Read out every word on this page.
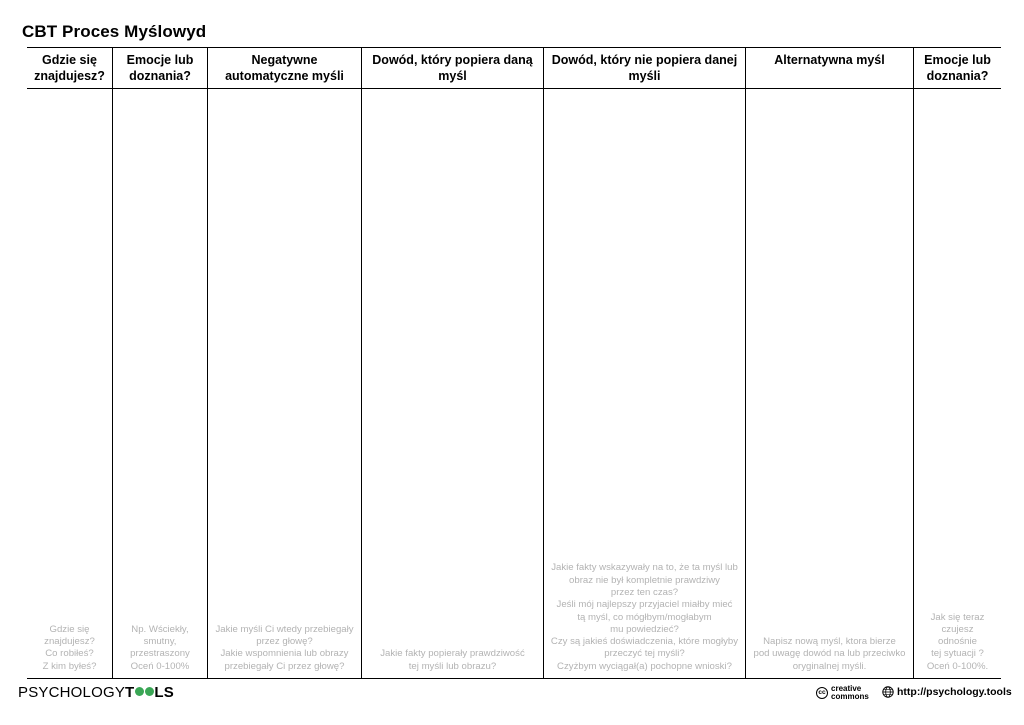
CBT Proces Myślowyd
Gdzie się znajdujesz?
Gdzie się znajdujesz?
Co robiłeś?
Z kim byłeś?
Emocje lub doznania?
Np. Wściekły,
smutny,
przestraszony
Oceń 0-100%
Negatywne automatyczne myśli
Jakie myśli Ci wtedy przebiegały
przez głowę?
Jakie wspomnienia lub obrazy
przebiegały Ci przez głowę?
Dowód, który popiera daną myśl
Jakie fakty popierały prawdziwość
tej myśli lub obrazu?
Dowód, który nie popiera danej myśli
Jakie fakty wskazywały na to, że ta myśl lub
obraz nie był kompletnie prawdziwy
przez ten czas?
Jeśli mój najlepszy przyjaciel miałby mieć
tą myśl, co mógłbym/mogłabym
mu powiedzieć?
Czy są jakieś doświadczenia, które mogłyby
przeczyć tej myśli?
Czyżbym wyciągał(a) pochopne wnioski?
Alternatywna myśl
Napisz nową myśl, ktora bierze
pod uwagę dowód na lub przeciwko
oryginalnej myśli.
Emocje lub doznania?
Jak się teraz czujesz
odnośnie
tej sytuacji ?
Oceń 0-100%.
PSYCHOLOGYT LS	cc creative
commons	http://psychology.tools
